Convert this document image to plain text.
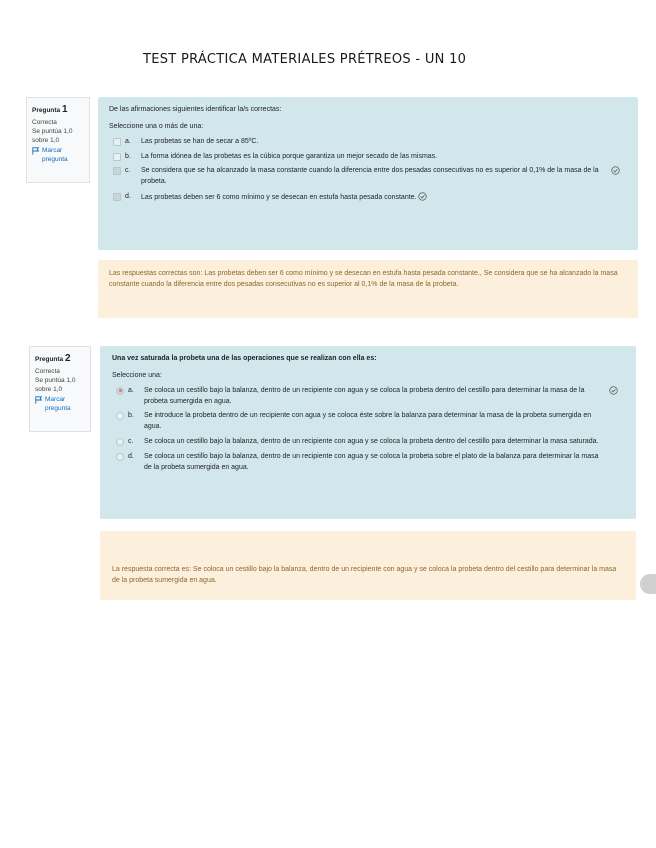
TEST PRÁCTICA MATERIALES PRÉTREOS - UN 10
Pregunta 1
Correcta
Se puntúa 1,0 sobre 1,0
Marcar pregunta
De las afirmaciones siguientes identificar la/s correctas:
Seleccione una o más de una:
a. Las probetas se han de secar a 85ºC.
b. La forma idónea de las probetas es la cúbica porque garantiza un mejor secado de las mismas.
c. Se considera que se ha alcanzado la masa constante cuando la diferencia entre dos pesadas consecutivas no es superior al 0,1% de la masa de la probeta.
d. Las probetas deben ser 6 como mínimo y se desecan en estufa hasta pesada constante.
Las respuestas correctas son: Las probetas deben ser 6 como mínimo y se desecan en estufa hasta pesada constante., Se considera que se ha alcanzado la masa constante cuando la diferencia entre dos pesadas consecutivas no es superior al 0,1% de la masa de la probeta.
Pregunta 2
Correcta
Se puntúa 1,0 sobre 1,0
Marcar pregunta
Una vez saturada la probeta una de las operaciones que se realizan con ella es:
Seleccione una:
a. Se coloca un cestillo bajo la balanza, dentro de un recipiente con agua y se coloca la probeta dentro del cestillo para determinar la masa de la probeta sumergida en agua.
b. Se introduce la probeta dentro de un recipiente con agua y se coloca éste sobre la balanza para determinar la masa de la probeta sumergida en agua.
c. Se coloca un cestillo bajo la balanza, dentro de un recipiente con agua y se coloca la probeta dentro del cestillo para determinar la masa saturada.
d. Se coloca un cestillo bajo la balanza, dentro de un recipiente con agua y se coloca la probeta sobre el plato de la balanza para determinar la masa de la probeta sumergida en agua.
La respuesta correcta es: Se coloca un cestillo bajo la balanza, dentro de un recipiente con agua y se coloca la probeta dentro del cestillo para determinar la masa de la probeta sumergida en agua.
